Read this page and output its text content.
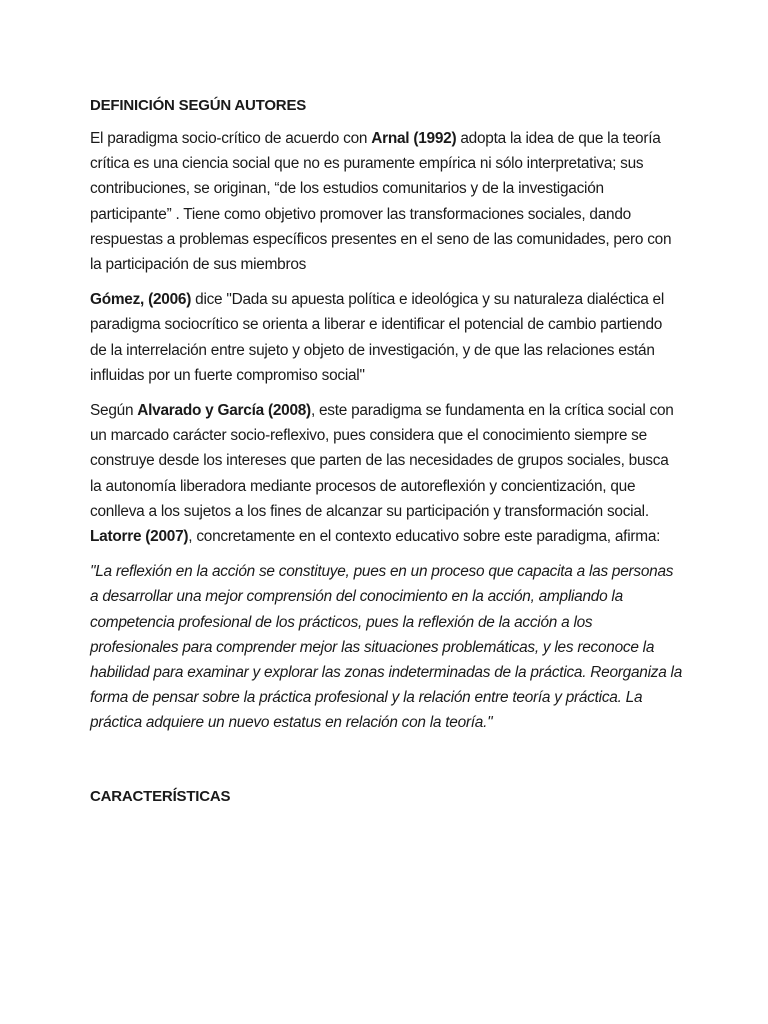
DEFINICIÓN SEGÚN AUTORES

El paradigma socio-crítico de acuerdo con Arnal (1992) adopta la idea de que la teoría crítica es una ciencia social que no es puramente empírica ni sólo interpretativa; sus contribuciones, se originan, “de los estudios comunitarios y de la investigación participante” . Tiene como objetivo promover las transformaciones sociales, dando respuestas a problemas específicos presentes en el seno de las comunidades, pero con la participación de sus miembros

Gómez, (2006) dice "Dada su apuesta política e ideológica y su naturaleza dialéctica el paradigma sociocrítico se orienta a liberar e identificar el potencial de cambio partiendo de la interrelación entre sujeto y objeto de investigación, y de que las relaciones están influidas por un fuerte compromiso social"

Según Alvarado y García (2008), este paradigma se fundamenta en la crítica social con un marcado carácter socio-reflexivo, pues considera que el conocimiento siempre se construye desde los intereses que parten de las necesidades de grupos sociales, busca la autonomía liberadora mediante procesos de autoreflexión y concientización, que conlleva a los sujetos a los fines de alcanzar su participación y transformación social. Latorre (2007), concretamente en el contexto educativo sobre este paradigma, afirma:

"La reflexión en la acción se constituye, pues en un proceso que capacita a las personas a desarrollar una mejor comprensión del conocimiento en la acción, ampliando la competencia profesional de los prácticos, pues la reflexión de la acción a los profesionales para comprender mejor las situaciones problemáticas, y les reconoce la habilidad para examinar y explorar las zonas indeterminadas de la práctica. Reorganiza la forma de pensar sobre la práctica profesional y la relación entre teoría y práctica. La práctica adquiere un nuevo estatus en relación con la teoría."

CARACTERÍSTICAS
